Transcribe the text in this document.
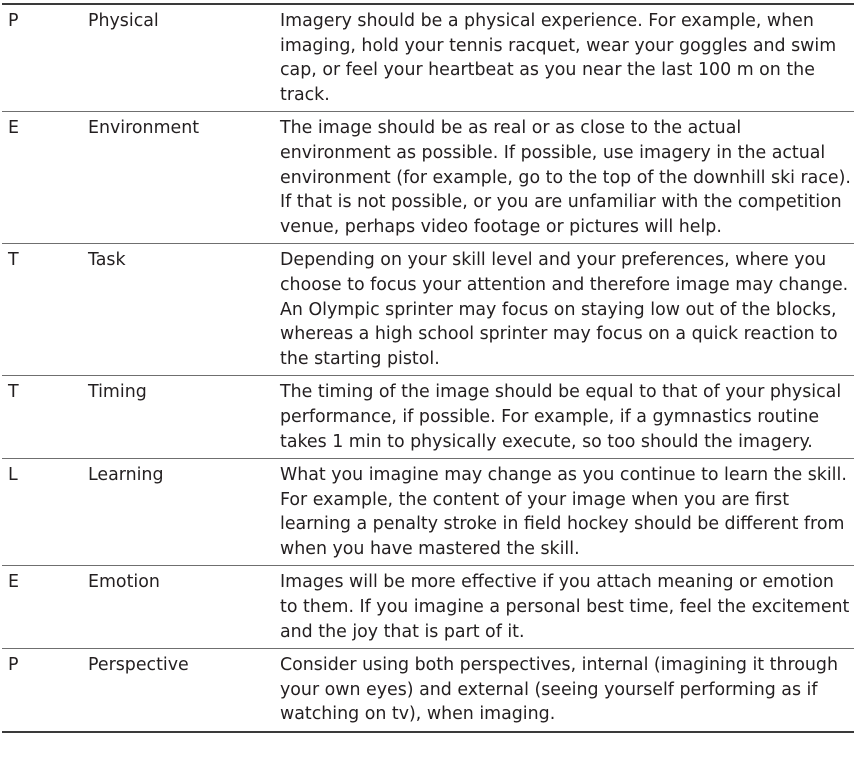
P	Physical	Imagery should be a physical experience. For example, when imaging, hold your tennis racquet, wear your goggles and swim cap, or feel your heartbeat as you near the last 100 m on the track.
E	Environment	The image should be as real or as close to the actual environment as possible. If possible, use imagery in the actual environment (for example, go to the top of the downhill ski race). If that is not possible, or you are unfamiliar with the competition venue, perhaps video footage or pictures will help.
T	Task	Depending on your skill level and your preferences, where you choose to focus your attention and therefore image may change. An Olympic sprinter may focus on staying low out of the blocks, whereas a high school sprinter may focus on a quick reaction to the starting pistol.
T	Timing	The timing of the image should be equal to that of your physical performance, if possible. For example, if a gymnastics routine takes 1 min to physically execute, so too should the imagery.
L	Learning	What you imagine may change as you continue to learn the skill. For example, the content of your image when you are first learning a penalty stroke in field hockey should be different from when you have mastered the skill.
E	Emotion	Images will be more effective if you attach meaning or emotion to them. If you imagine a personal best time, feel the excitement and the joy that is part of it.
P	Perspective	Consider using both perspectives, internal (imagining it through your own eyes) and external (seeing yourself performing as if watching on tv), when imaging.
